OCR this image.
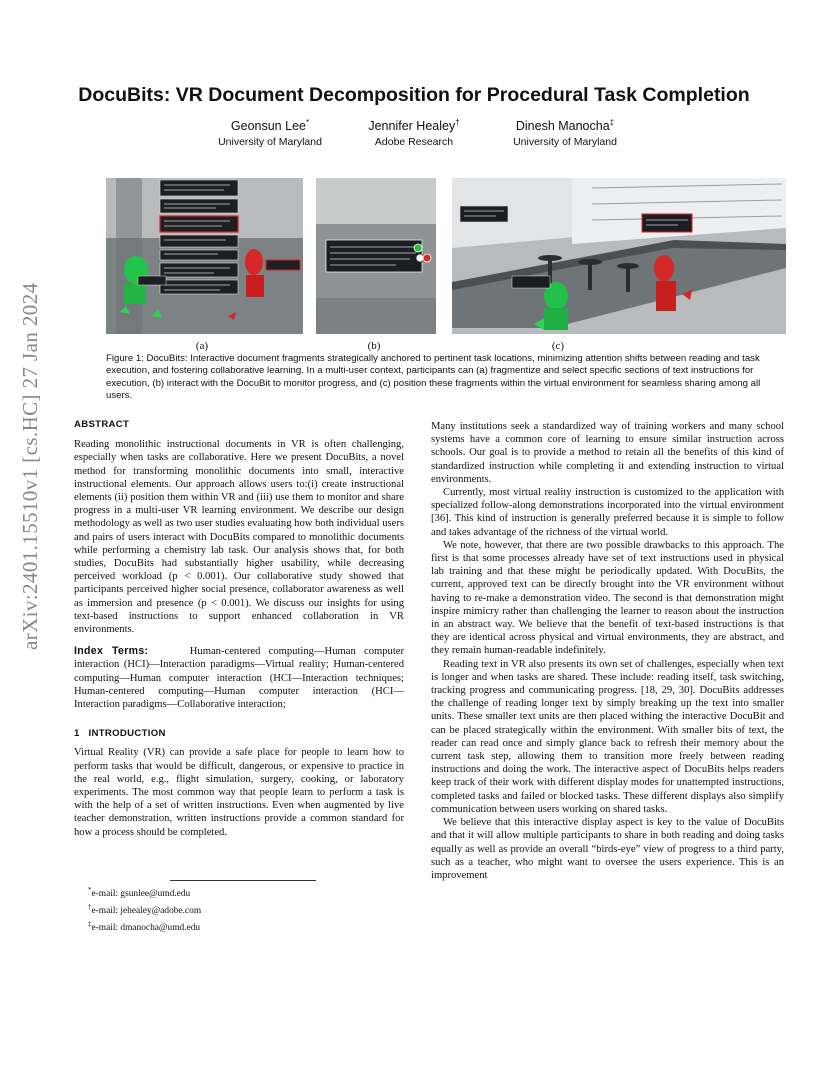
arXiv:2401.15510v1 [cs.HC] 27 Jan 2024
DocuBits: VR Document Decomposition for Procedural Task Completion
Geonsun Lee*
University of Maryland
Jennifer Healey†
Adobe Research
Dinesh Manocha‡
University of Maryland
(a)	(b)	(c)
Figure 1: DocuBits: Interactive document fragments strategically anchored to pertinent task locations, minimizing attention shifts between reading and task execution, and fostering collaborative learning. In a multi-user context, participants can (a) fragmentize and select specific sections of text instructions for execution, (b) interact with the DocuBit to monitor progress, and (c) position these fragments within the virtual environment for seamless sharing among all users.

ABSTRACT

Reading monolithic instructional documents in VR is often challenging, especially when tasks are collaborative. Here we present DocuBits, a novel method for transforming monolithic documents into small, interactive instructional elements. Our approach allows users to:(i) create instructional elements (ii) position them within VR and (iii) use them to monitor and share progress in a multi-user VR learning environment. We describe our design methodology as well as two user studies evaluating how both individual users and pairs of users interact with DocuBits compared to monolithic documents while performing a chemistry lab task. Our analysis shows that, for both studies, DocuBits had substantially higher usability, while decreasing perceived workload (p < 0.001). Our collaborative study showed that participants perceived higher social presence, collaborator awareness as well as immersion and presence (p < 0.001). We discuss our insights for using text-based instructions to support enhanced collaboration in VR environments.

Index Terms:	Human-centered computing—Human computer interaction (HCI)—Interaction paradigms—Virtual reality; Human-centered computing—Human computer interaction (HCI—Interaction techniques; Human-centered computing—Human computer interaction (HCI—Interaction paradigms—Collaborative interaction;

1 INTRODUCTION

Virtual Reality (VR) can provide a safe place for people to learn how to perform tasks that would be difficult, dangerous, or expensive to practice in the real world, e.g., flight simulation, surgery, cooking, or laboratory experiments. The most common way that people learn to perform a task is with the help of a set of written instructions. Even when augmented by live teacher demonstration, written instructions provide a common standard for how a process should be completed.

*e-mail: gsunlee@umd.edu
†e-mail: jehealey@adobe.com
‡e-mail: dmanocha@umd.edu

Many institutions seek a standardized way of training workers and many school systems have a common core of learning to ensure similar instruction across schools. Our goal is to provide a method to retain all the benefits of this kind of standardized instruction while completing it and extending instruction to virtual environments.

Currently, most virtual reality instruction is customized to the application with specialized follow-along demonstrations incorporated into the virtual environment [36]. This kind of instruction is generally preferred because it is simple to follow and takes advantage of the richness of the virtual world.

We note, however, that there are two possible drawbacks to this approach. The first is that some processes already have set of text instructions used in physical lab training and that these might be periodically updated. With DocuBits, the current, approved text can be directly brought into the VR environment without having to re-make a demonstration video. The second is that demonstration might inspire mimicry rather than challenging the learner to reason about the instruction in an abstract way. We believe that the benefit of text-based instructions is that they are identical across physical and virtual environments, they are abstract, and they remain human-readable indefinitely.

Reading text in VR also presents its own set of challenges, especially when text is longer and when tasks are shared. These include: reading itself, task switching, tracking progress and communicating progress. [18, 29, 30]. DocuBits addresses the challenge of reading longer text by simply breaking up the text into smaller units. These smaller text units are then placed withing the interactive DocuBit and can be placed strategically within the environment. With smaller bits of text, the reader can read once and simply glance back to refresh their memory about the current task step, allowing them to transition more freely between reading instructions and doing the work. The interactive aspect of DocuBits helps readers keep track of their work with different display modes for unattempted instructions, completed tasks and failed or blocked tasks. These different displays also simplify communication between users working on shared tasks.

We believe that this interactive display aspect is key to the value of DocuBits and that it will allow multiple participants to share in both reading and doing tasks equally as well as provide an overall “birds-eye” view of progress to a third party, such as a teacher, who might want to oversee the users experience. This is an improvement
